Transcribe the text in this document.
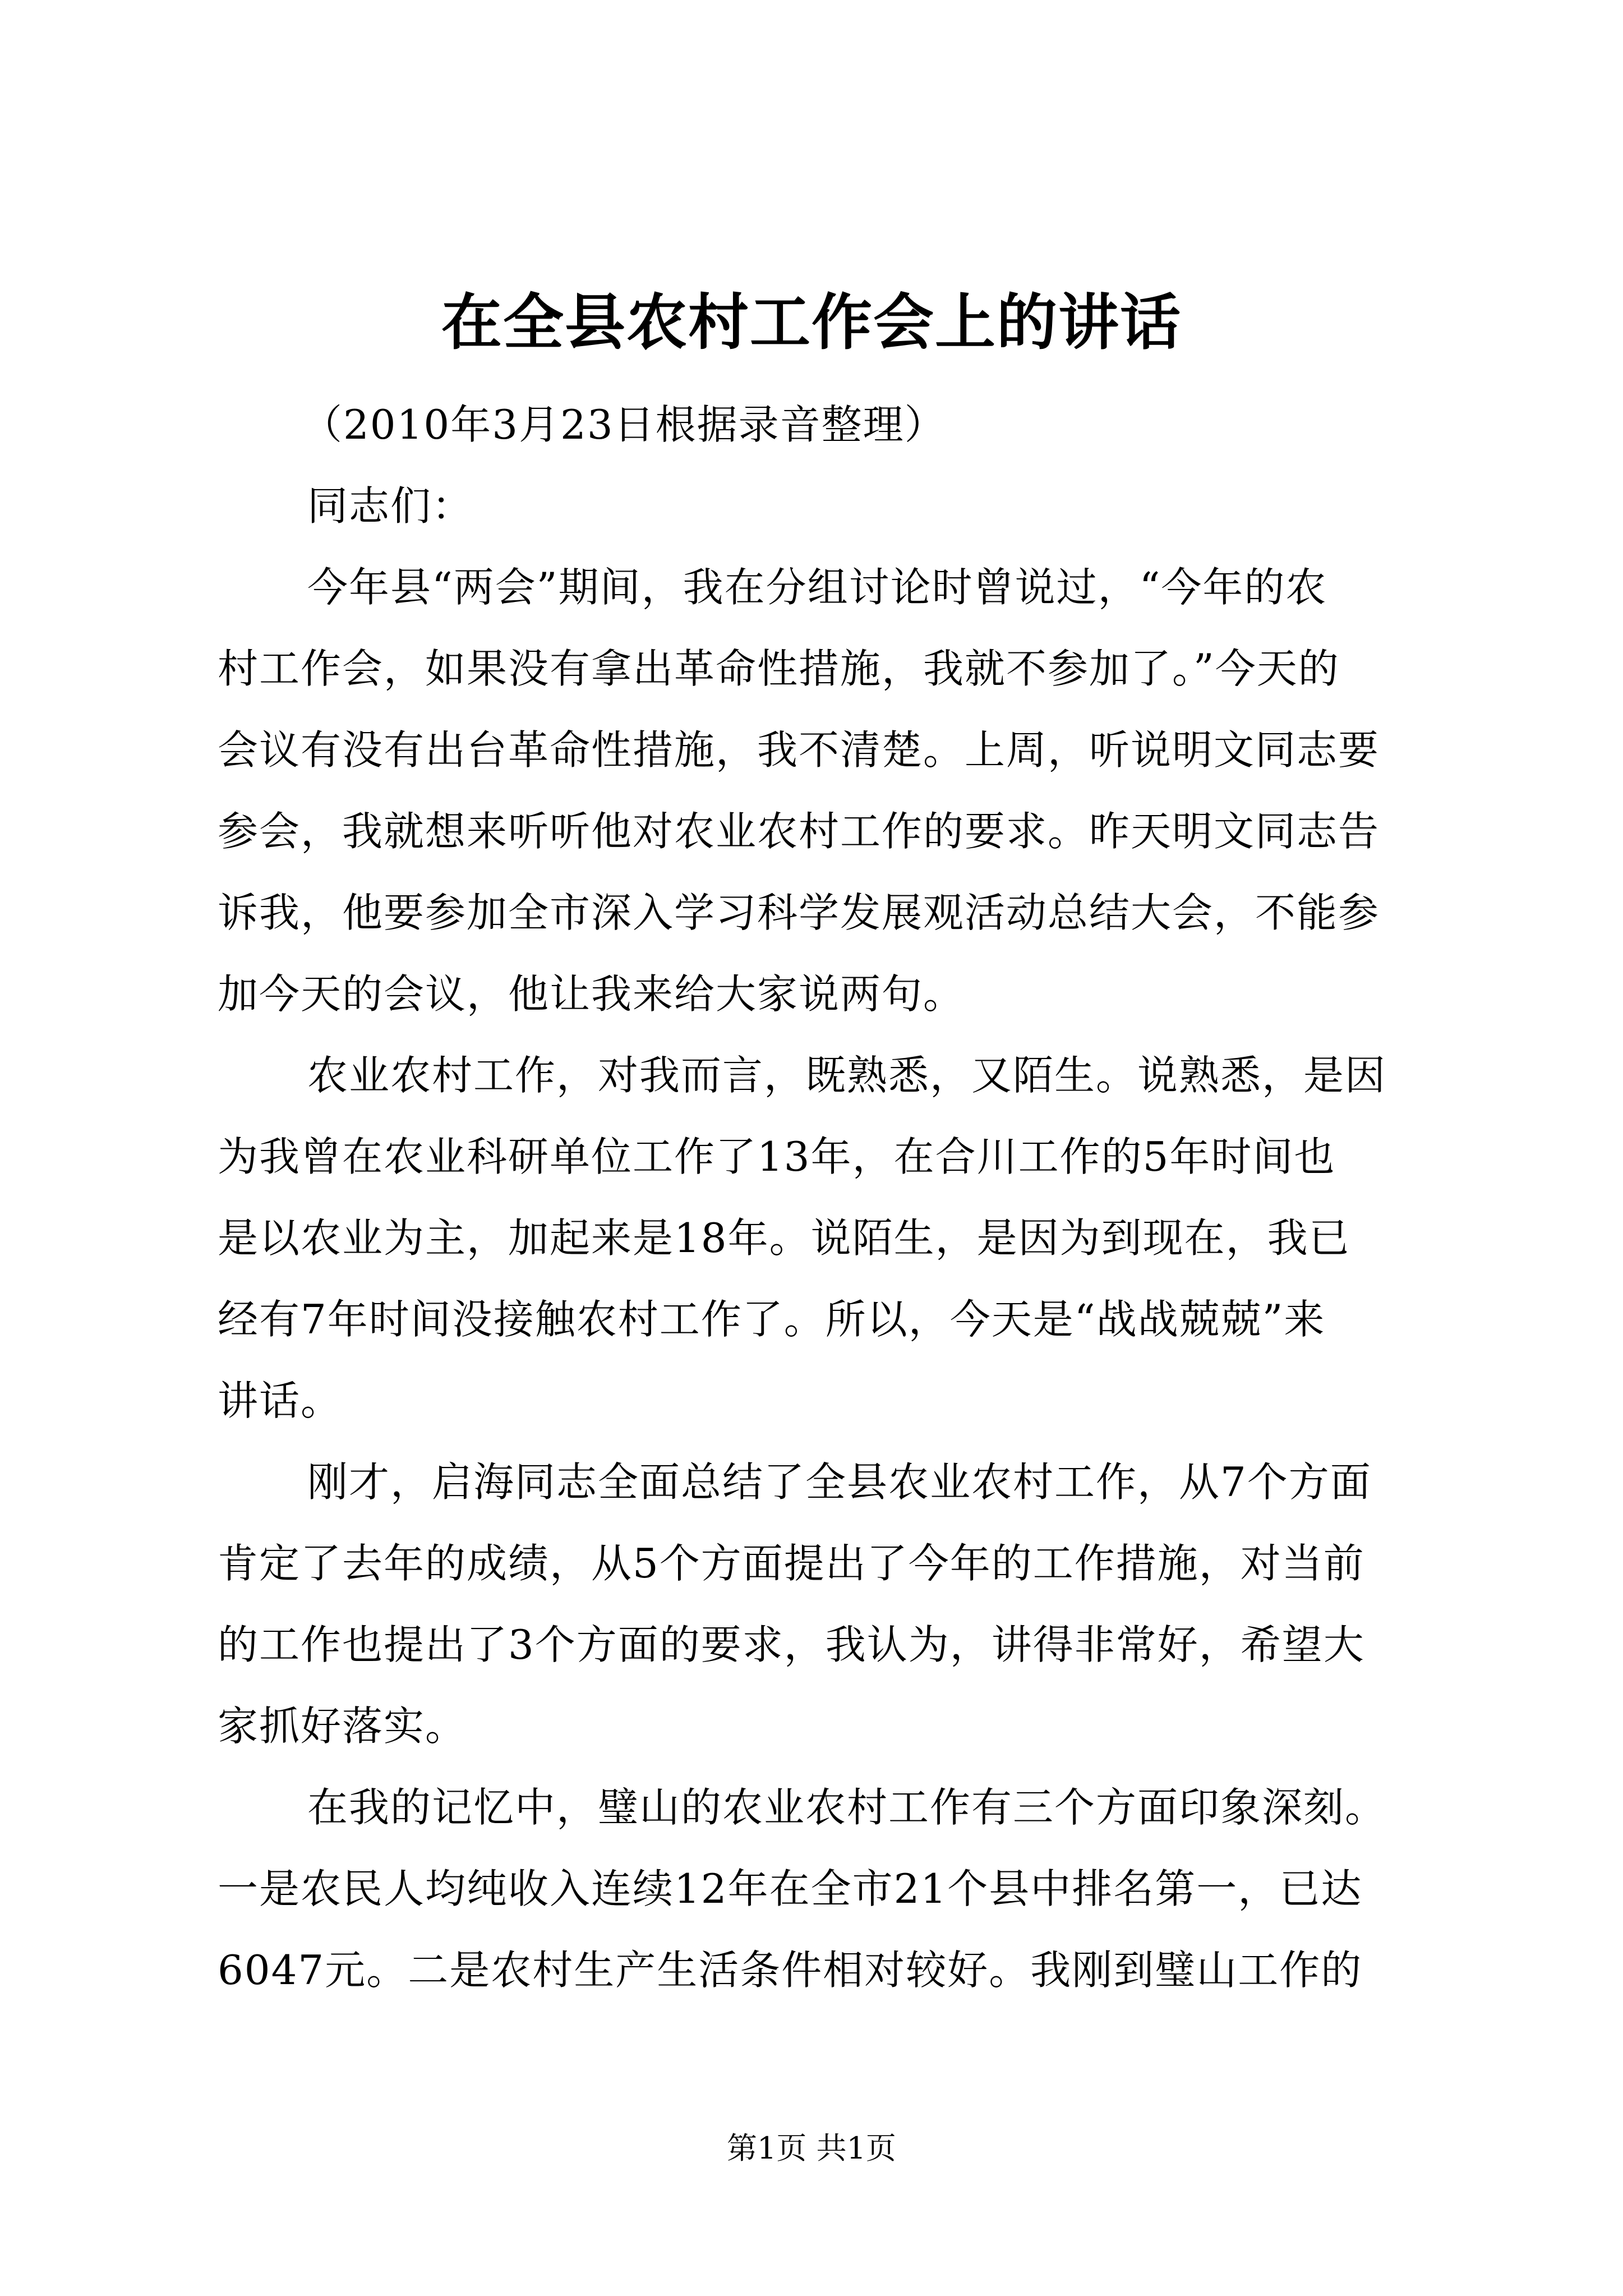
在全县农村工作会上的讲话
（2010年3月23日根据录音整理）
同志们：
今年县“两会”期间，我在分组讨论时曾说过，“今年的农
村工作会，如果没有拿出革命性措施，我就不参加了。”今天的
会议有没有出台革命性措施，我不清楚。上周，听说明文同志要
参会，我就想来听听他对农业农村工作的要求。昨天明文同志告
诉我，他要参加全市深入学习科学发展观活动总结大会，不能参
加今天的会议，他让我来给大家说两句。
农业农村工作，对我而言，既熟悉，又陌生。说熟悉，是因
为我曾在农业科研单位工作了13年，在合川工作的5年时间也
是以农业为主，加起来是18年。说陌生，是因为到现在，我已
经有7年时间没接触农村工作了。所以，今天是“战战兢兢”来
讲话。
刚才，启海同志全面总结了全县农业农村工作，从7个方面
肯定了去年的成绩，从5个方面提出了今年的工作措施，对当前
的工作也提出了3个方面的要求，我认为，讲得非常好，希望大
家抓好落实。
在我的记忆中，璧山的农业农村工作有三个方面印象深刻。
一是农民人均纯收入连续12年在全市21个县中排名第一，已达
6047元。二是农村生产生活条件相对较好。我刚到璧山工作的
第1页 共1页
